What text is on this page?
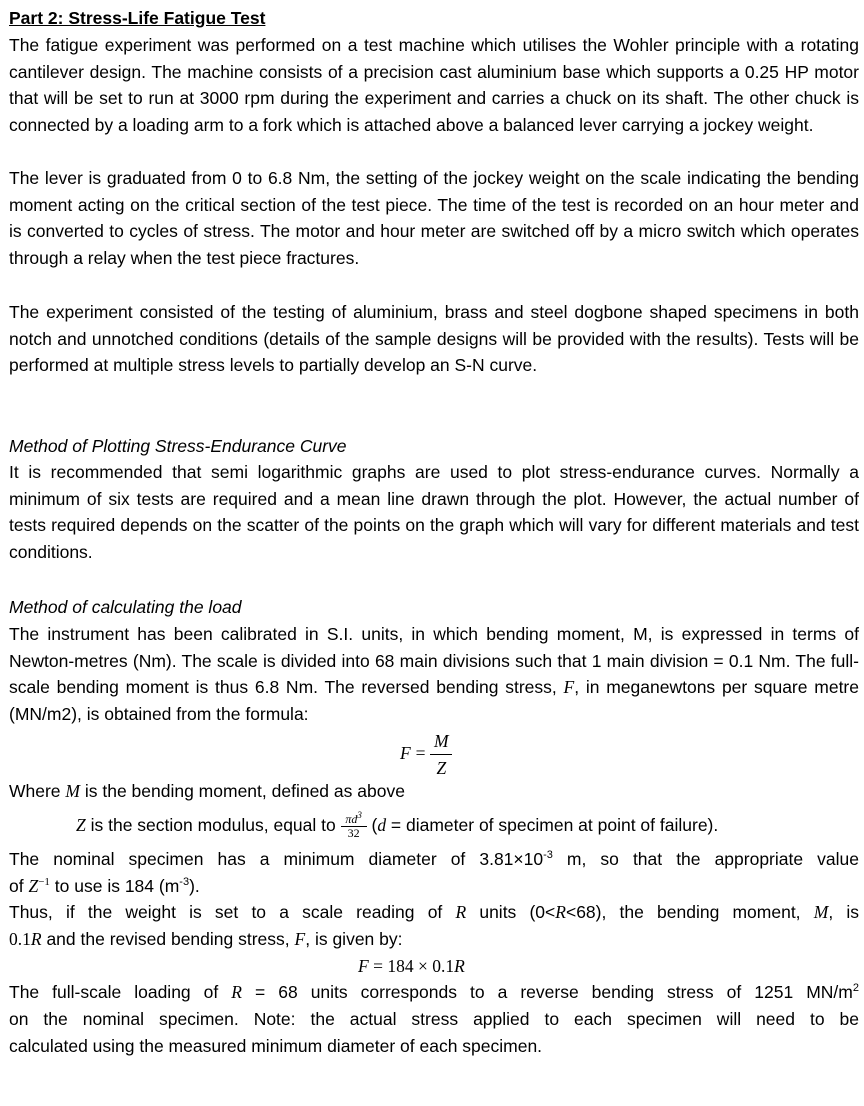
Part 2: Stress-Life Fatigue Test
The fatigue experiment was performed on a test machine which utilises the Wohler principle with a rotating cantilever design. The machine consists of a precision cast aluminium base which supports a 0.25 HP motor that will be set to run at 3000 rpm during the experiment and carries a chuck on its shaft. The other chuck is connected by a loading arm to a fork which is attached above a balanced lever carrying a jockey weight.
The lever is graduated from 0 to 6.8 Nm, the setting of the jockey weight on the scale indicating the bending moment acting on the critical section of the test piece. The time of the test is recorded on an hour meter and is converted to cycles of stress. The motor and hour meter are switched off by a micro switch which operates through a relay when the test piece fractures.
The experiment consisted of the testing of aluminium, brass and steel dogbone shaped specimens in both notch and unnotched conditions (details of the sample designs will be provided with the results). Tests will be performed at multiple stress levels to partially develop an S-N curve.
Method of Plotting Stress-Endurance Curve
It is recommended that semi logarithmic graphs are used to plot stress-endurance curves. Normally a minimum of six tests are required and a mean line drawn through the plot. However, the actual number of tests required depends on the scatter of the points on the graph which will vary for different materials and test conditions.
Method of calculating the load
The instrument has been calibrated in S.I. units, in which bending moment, M, is expressed in terms of Newton-metres (Nm). The scale is divided into 68 main divisions such that 1 main division = 0.1 Nm. The full-scale bending moment is thus 6.8 Nm. The reversed bending stress, F, in meganewtons per square metre (MN/m2), is obtained from the formula:
$F = \frac{M}{Z}$
Where M is the bending moment, defined as above
Z is the section modulus, equal to $\frac{\pi d^3}{32} (d$ = diameter of specimen at point of failure).
The nominal specimen has a minimum diameter of $3.81\times 10^{-3}$ m, so that the appropriate value
of $Z^{-1}$ to use is 184 $(m^{-3})$.
Thus, if the weight is set to a scale reading of R units (0<R<68), the bending moment, M, is
0.1R and the revised bending stress, F, is given by:
F = 184 × 0.1R
The full-scale loading of R = 68 units corresponds to a reverse bending stress of 1251 $MN/m^2$
on the nominal specimen. Note: the actual stress applied to each specimen will need to be
calculated using the measured minimum diameter of each specimen.
